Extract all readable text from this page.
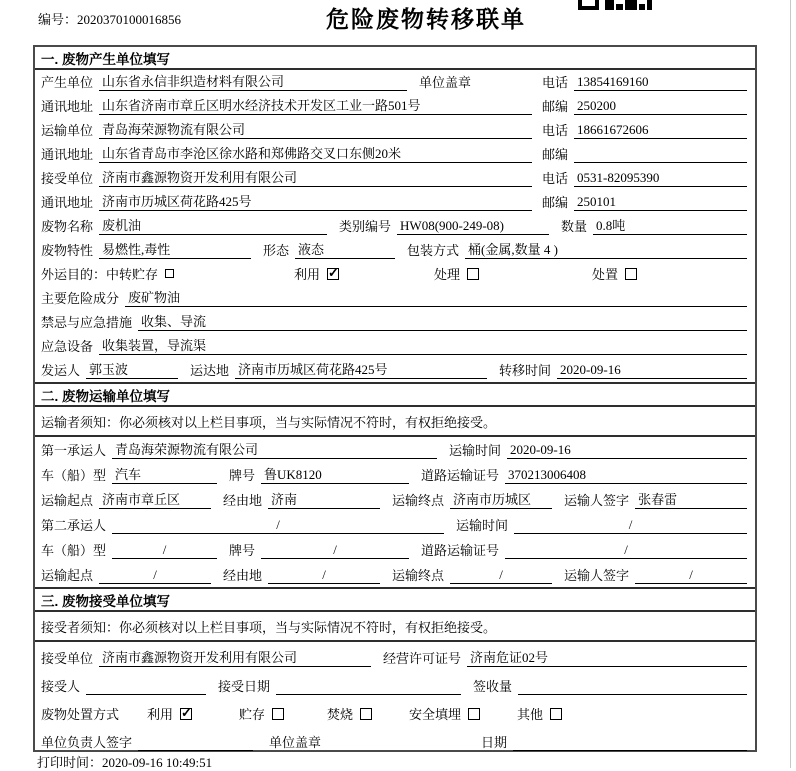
编号：2020370100016856	危险废物转移联单
一. 废物产生单位填写
产生单位 山东省永信非织造材料有限公司	单位盖章	电话 13854169160
通讯地址 山东省济南市章丘区明水经济技术开发区工业一路501号	邮编 250200
运输单位 青岛海荣源物流有限公司	电话 18661672606
通讯地址 山东省青岛市李沧区徐水路和郑佛路交叉口东侧20米	邮编
接受单位 济南市鑫源物资开发利用有限公司	电话 0531-82095390
通讯地址 济南市历城区荷花路425号	邮编 250101
废物名称 废机油	类别编号 HW08(900-249-08)	数量 0.8吨
废物特性 易燃性,毒性	形态 液态	包装方式 桶(金属,数量 4 )
外运目的： 中转贮存	利用 ✓	处理	处置
主要危险成分 废矿物油
禁忌与应急措施 收集、导流
应急设备 收集装置，导流渠
发运人 郭玉波	运达地 济南市历城区荷花路425号	转移时间 2020-09-16
二. 废物运输单位填写
运输者须知： 你必须核对以上栏目事项，当与实际情况不符时，有权拒绝接受。
第一承运人 青岛海荣源物流有限公司	运输时间 2020-09-16
车（船）型 汽车	牌号 鲁UK8120	道路运输证号 370213006408
运输起点 济南市章丘区	经由地 济南	运输终点 济南市历城区	运输人签字 张春雷
第二承运人	/	运输时间	/
车（船）型	/	牌号	/	道路运输证号	/
运输起点	/	经由地	/	运输终点	/	运输人签字	/
三. 废物接受单位填写
接受者须知： 你必须核对以上栏目事项，当与实际情况不符时，有权拒绝接受。
接受单位 济南市鑫源物资开发利用有限公司	经营许可证号 济南危证02号
接受人	接受日期	签收量
废物处置方式 利用 ✓	贮存	焚烧	安全填埋	其他
单位负责人签字	单位盖章	日期
打印时间：2020-09-16 10:49:51
